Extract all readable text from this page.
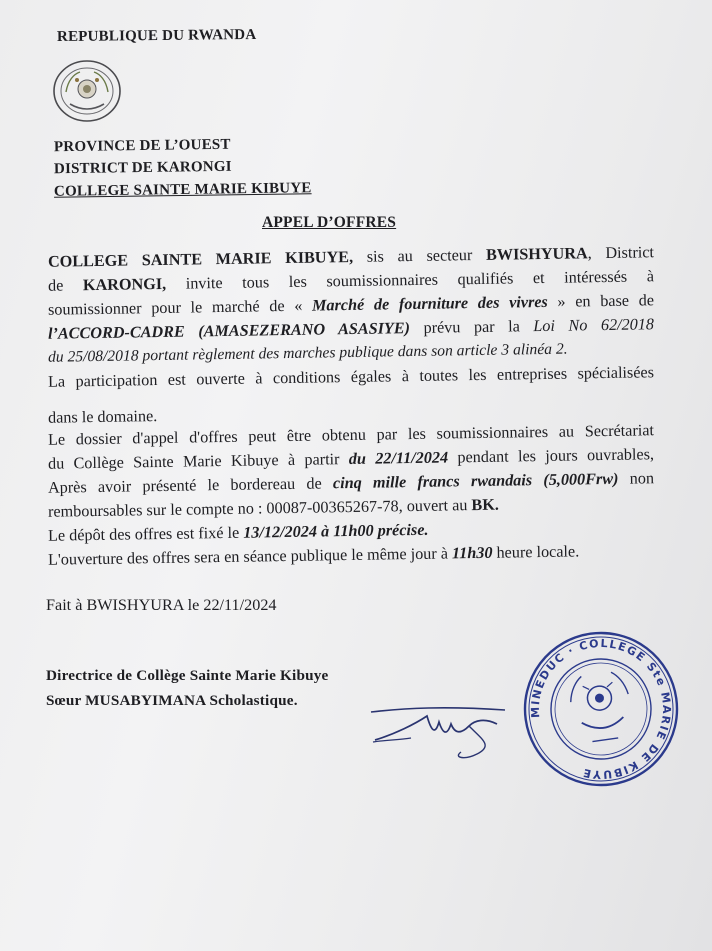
REPUBLIQUE DU RWANDA
PROVINCE DE L’OUEST
DISTRICT DE KARONGI
COLLEGE SAINTE MARIE KIBUYE
APPEL D’OFFRES
COLLEGE SAINTE MARIE KIBUYE, sis au secteur BWISHYURA, District
de KARONGI, invite tous les soumissionnaires qualifiés et intéressés à
soumissionner pour le marché de « Marché de fourniture des vivres » en base de
l’ACCORD-CADRE (AMASEZERANO ASASIYE) prévu par la Loi No 62/2018
du 25/08/2018 portant règlement des marches publique dans son article 3 alinéa 2.
La participation est ouverte à conditions égales à toutes les entreprises spécialisées
dans le domaine.
Le dossier d'appel d'offres peut être obtenu par les soumissionnaires au Secrétariat
du Collège Sainte Marie Kibuye à partir du 22/11/2024 pendant les jours ouvrables,
Après avoir présenté le bordereau de cinq mille francs rwandais (5,000Frw) non
remboursables sur le compte no : 00087-00365267-78, ouvert au BK.
Le dépôt des offres est fixé le 13/12/2024 à 11h00 précise.
L'ouverture des offres sera en séance publique le même jour à 11h30 heure locale.
Fait à BWISHYURA le 22/11/2024
Directrice de Collège Sainte Marie Kibuye
Sœur MUSABYIMANA Scholastique.
MINEDUC · COLLEGE Ste MARIE DE KIBUYE
